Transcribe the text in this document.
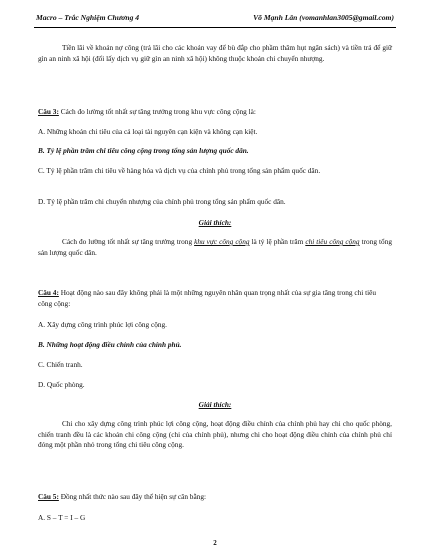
Macro – Trắc Nghiệm Chương 4	Võ Mạnh Lân (vomanhlan3005@gmail.com)

Tiền lãi về khoản nợ công (trả lãi cho các khoản vay để bù đắp cho phầm thâm hụt ngân sách) và tiền trả để giữ gìn an ninh xã hội (đối lấy dịch vụ giữ gìn an ninh xã hội) không thuộc khoản chi chuyển nhượng.

Câu 3: Cách đo lường tốt nhất sự tăng trưởng trong khu vực công cộng là:

A. Những khoản chi tiêu của cả loại tài nguyên cạn kiện và không cạn kiệt.

B. Tỷ lệ phần trăm chi tiêu công cộng trong tổng sản lượng quốc dân.

C. Tỷ lệ phần trăm chi tiêu về hàng hóa và dịch vụ của chính phủ trong tổng sản phẩm quốc dân.

D. Tỷ lệ phần trăm chi chuyển nhượng của chính phủ trong tổng sản phẩm quốc dân.

Giải thích:

Cách đo lường tốt nhất sự tăng trưởng trong khu vực công cộng là tỷ lệ phần trăm chi tiêu công cộng trong tổng sản lượng quốc dân.

Câu 4: Hoạt động nào sau đây không phải là một những nguyên nhân quan trọng nhất của sự gia tăng trong chi tiêu công cộng:

A. Xây dựng công trình phúc lợi công cộng.

B. Những hoạt động điều chỉnh của chính phủ.

C. Chiến tranh.

D. Quốc phòng.

Giải thích:

Chi cho xây dựng công trình phúc lợi công cộng, hoạt động điều chỉnh của chính phủ hay chi cho quốc phòng, chiến tranh đều là các khoản chi công cộng (chi của chính phủ), nhưng chi cho hoạt động điều chỉnh của chính phủ chỉ đóng một phần nhỏ trong tổng chi tiêu công cộng.

Câu 5: Đồng nhất thức nào sau đây thể hiện sự cân bằng:

A. S – T = I – G

2
